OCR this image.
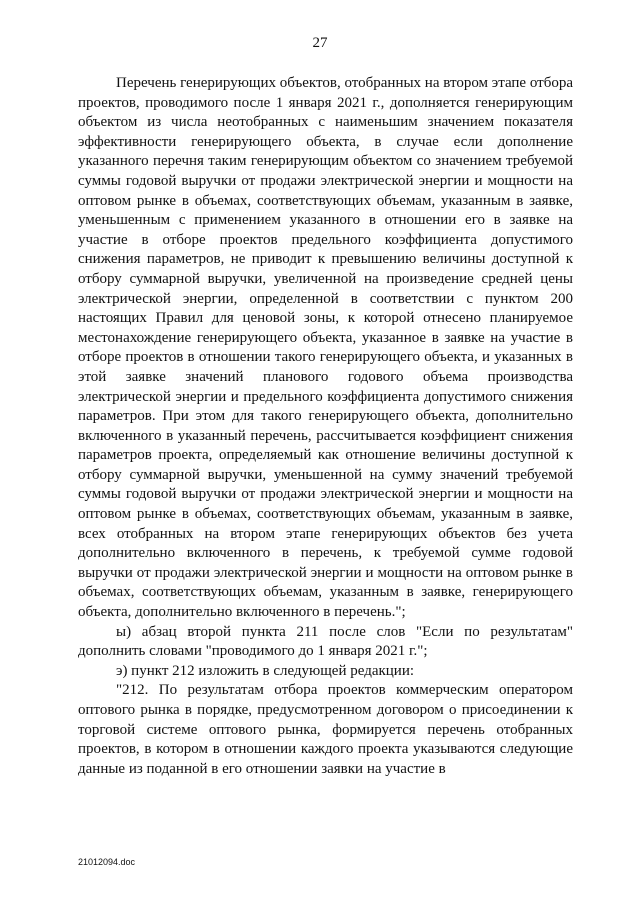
27

Перечень генерирующих объектов, отобранных на втором этапе отбора проектов, проводимого после 1 января 2021 г., дополняется генерирующим объектом из числа неотобранных с наименьшим значением показателя эффективности генерирующего объекта, в случае если дополнение указанного перечня таким генерирующим объектом со значением требуемой суммы годовой выручки от продажи электрической энергии и мощности на оптовом рынке в объемах, соответствующих объемам, указанным в заявке, уменьшенным с применением указанного в отношении его в заявке на участие в отборе проектов предельного коэффициента допустимого снижения параметров, не приводит к превышению величины доступной к отбору суммарной выручки, увеличенной на произведение средней цены электрической энергии, определенной в соответствии с пунктом 200 настоящих Правил для ценовой зоны, к которой отнесено планируемое местонахождение генерирующего объекта, указанное в заявке на участие в отборе проектов в отношении такого генерирующего объекта, и указанных в этой заявке значений планового годового объема производства электрической энергии и предельного коэффициента допустимого снижения параметров. При этом для такого генерирующего объекта, дополнительно включенного в указанный перечень, рассчитывается коэффициент снижения параметров проекта, определяемый как отношение величины доступной к отбору суммарной выручки, уменьшенной на сумму значений требуемой суммы годовой выручки от продажи электрической энергии и мощности на оптовом рынке в объемах, соответствующих объемам, указанным в заявке, всех отобранных на втором этапе генерирующих объектов без учета дополнительно включенного в перечень, к требуемой сумме годовой выручки от продажи электрической энергии и мощности на оптовом рынке в объемах, соответствующих объемам, указанным в заявке, генерирующего объекта, дополнительно включенного в перечень.";

ы) абзац второй пункта 211 после слов "Если по результатам" дополнить словами "проводимого до 1 января 2021 г.";

э) пункт 212 изложить в следующей редакции:

"212. По результатам отбора проектов коммерческим оператором оптового рынка в порядке, предусмотренном договором о присоединении к торговой системе оптового рынка, формируется перечень отобранных проектов, в котором в отношении каждого проекта указываются следующие данные из поданной в его отношении заявки на участие в

21012094.doc
